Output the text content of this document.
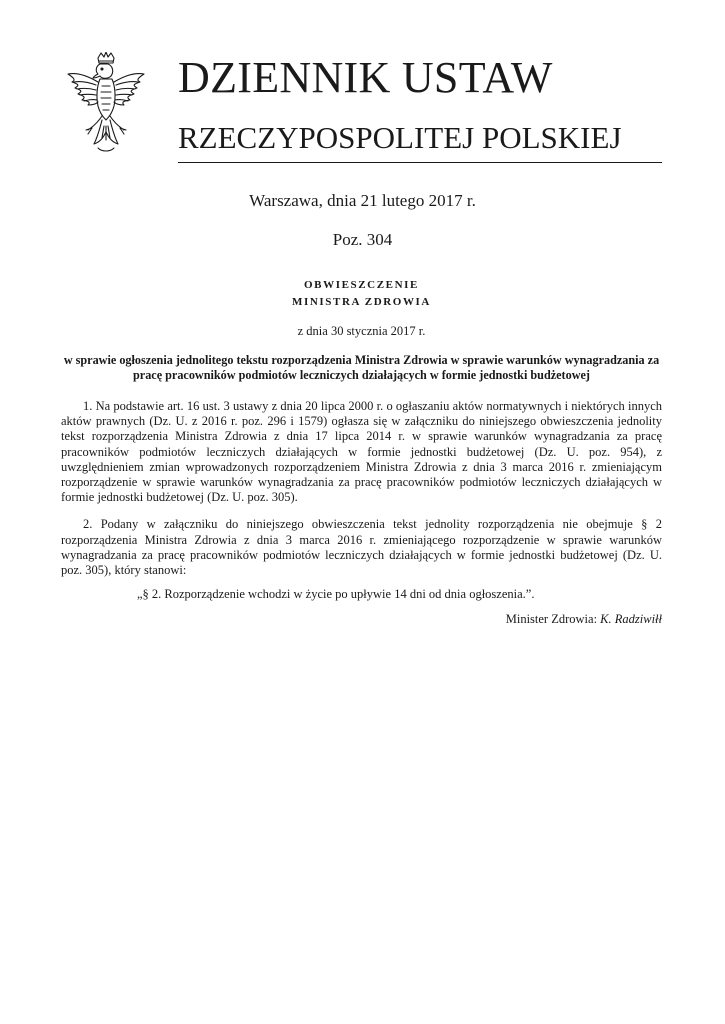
DZIENNIK USTAW
RZECZYPOSPOLITEJ POLSKIEJ
Warszawa, dnia 21 lutego 2017 r.
Poz. 304
OBWIESZCZENIE
MINISTRA ZDROWIA
z dnia 30 stycznia 2017 r.
w sprawie ogłoszenia jednolitego tekstu rozporządzenia Ministra Zdrowia w sprawie warunków wynagradzania za pracę pracowników podmiotów leczniczych działających w formie jednostki budżetowej
1. Na podstawie art. 16 ust. 3 ustawy z dnia 20 lipca 2000 r. o ogłaszaniu aktów normatywnych i niektórych innych aktów prawnych (Dz. U. z 2016 r. poz. 296 i 1579) ogłasza się w załączniku do niniejszego obwieszczenia jednolity tekst rozporządzenia Ministra Zdrowia z dnia 17 lipca 2014 r. w sprawie warunków wynagradzania za pracę pracowników podmiotów leczniczych działających w formie jednostki budżetowej (Dz. U. poz. 954), z uwzględnieniem zmian wprowadzonych rozporządzeniem Ministra Zdrowia z dnia 3 marca 2016 r. zmieniającym rozporządzenie w sprawie warunków wynagradzania za pracę pracowników podmiotów leczniczych działających w formie jednostki budżetowej (Dz. U. poz. 305).
2. Podany w załączniku do niniejszego obwieszczenia tekst jednolity rozporządzenia nie obejmuje § 2 rozporządzenia Ministra Zdrowia z dnia 3 marca 2016 r. zmieniającego rozporządzenie w sprawie warunków wynagradzania za pracę pracowników podmiotów leczniczych działających w formie jednostki budżetowej (Dz. U. poz. 305), który stanowi:
„§ 2. Rozporządzenie wchodzi w życie po upływie 14 dni od dnia ogłoszenia.”.
Minister Zdrowia: K. Radziwiłł
